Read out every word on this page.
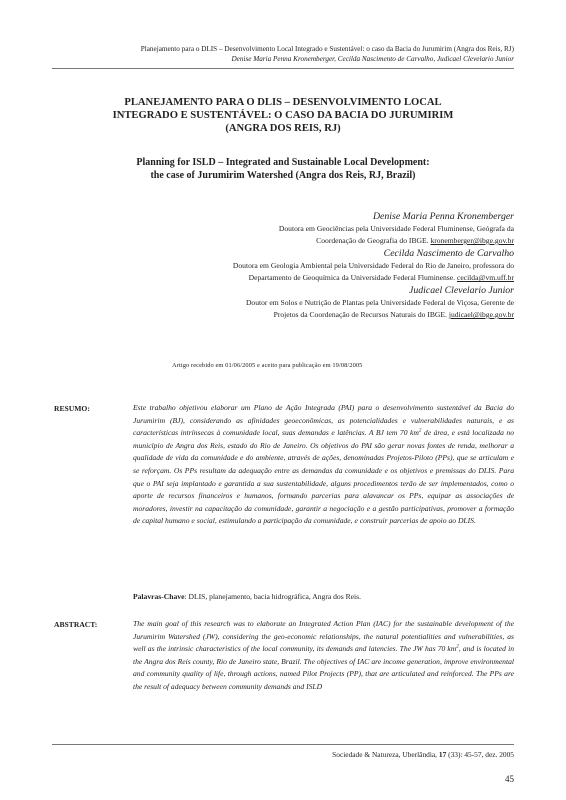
Planejamento para o DLIS – Desenvolvimento Local Integrado e Sustentável: o caso da Bacia do Jurumirim (Angra dos Reis, RJ)
Denise Maria Penna Kronemberger, Cecilda Nascimento de Carvalho, Judicael Clevelario Junior
PLANEJAMENTO PARA O DLIS – DESENVOLVIMENTO LOCAL
INTEGRADO E SUSTENTÁVEL: O CASO DA BACIA DO JURUMIRIM
(ANGRA DOS REIS, RJ)
Planning for ISLD – Integrated and Sustainable Local Development:
the case of Jurumirim Watershed (Angra dos Reis, RJ, Brazil)
Denise Maria Penna Kronemberger
Doutora em Geociências pela Universidade Federal Fluminense, Geógrafa da
Coordenação de Geografia do IBGE. kronemberger@ibge.gov.br
Cecilda Nascimento de Carvalho
Doutora em Geologia Ambiental pela Universidade Federal do Rio de Janeiro, professora do
Departamento de Geoquímica da Universidade Federal Fluminense. cecilda@vm.uff.br
Judicael Clevelario Junior
Doutor em Solos e Nutrição de Plantas pela Universidade Federal de Viçosa, Gerente de
Projetos da Coordenação de Recursos Naturais do IBGE. judicael@ibge.gov.br
Artigo recebido em 01/06/2005 e aceito para publicação em 19/08/2005
RESUMO:	Este trabalho objetivou elaborar um Plano de Ação Integrada (PAI) para o desenvolvimento sustentável da Bacia do Jurumirim (BJ), considerando as afinidades geoeconômicas, as potencialidades e vulnerabilidades naturais, e as características intrínsecas à comunidade local, suas demandas e latências. A BJ tem 70 $km^2$ de área, e está localizada no município de Angra dos Reis, estado do Rio de Janeiro. Os objetivos do PAI são gerar novas fontes de renda, melhorar a qualidade de vida da comunidade e do ambiente, através de ações, denominadas Projetos-Piloto (PPs), que se articulam e se reforçam. Os PPs resultam da adequação entre as demandas da comunidade e os objetivos e premissas do DLIS. Para que o PAI seja implantado e garantida a sua sustentabilidade, alguns procedimentos terão de ser implementados, como o aporte de recursos financeiros e humanos, formando parcerias para alavancar os PPs, equipar as associações de moradores, investir na capacitação da comunidade, garantir a negociação e a gestão participativas, promover a formação de capital humano e social, estimulando a participação da comunidade, e construir parcerias de apoio ao DLIS.
Palavras-Chave: DLIS, planejamento, bacia hidrográfica, Angra dos Reis.
ABSTRACT:	The main goal of this research was to elaborate an Integrated Action Plan (IAC) for the sustainable development of the Jurumirim Watershed (JW), considering the geo-economic relationships, the natural potentialities and vulnerabilities, as well as the intrinsic characteristics of the local community, its demands and latencies. The JW has 70 $km^2$, and is located in the Angra dos Reis county, Rio de Janeiro state, Brazil. The objectives of IAC are income generation, improve environmental and community quality of life, through actions, named Pilot Projects (PP), that are articulated and reinforced. The PPs are the result of adequacy between community demands and ISLD
Sociedade & Natureza, Uberlândia, 17 (33): 45-57, dez. 2005
45
